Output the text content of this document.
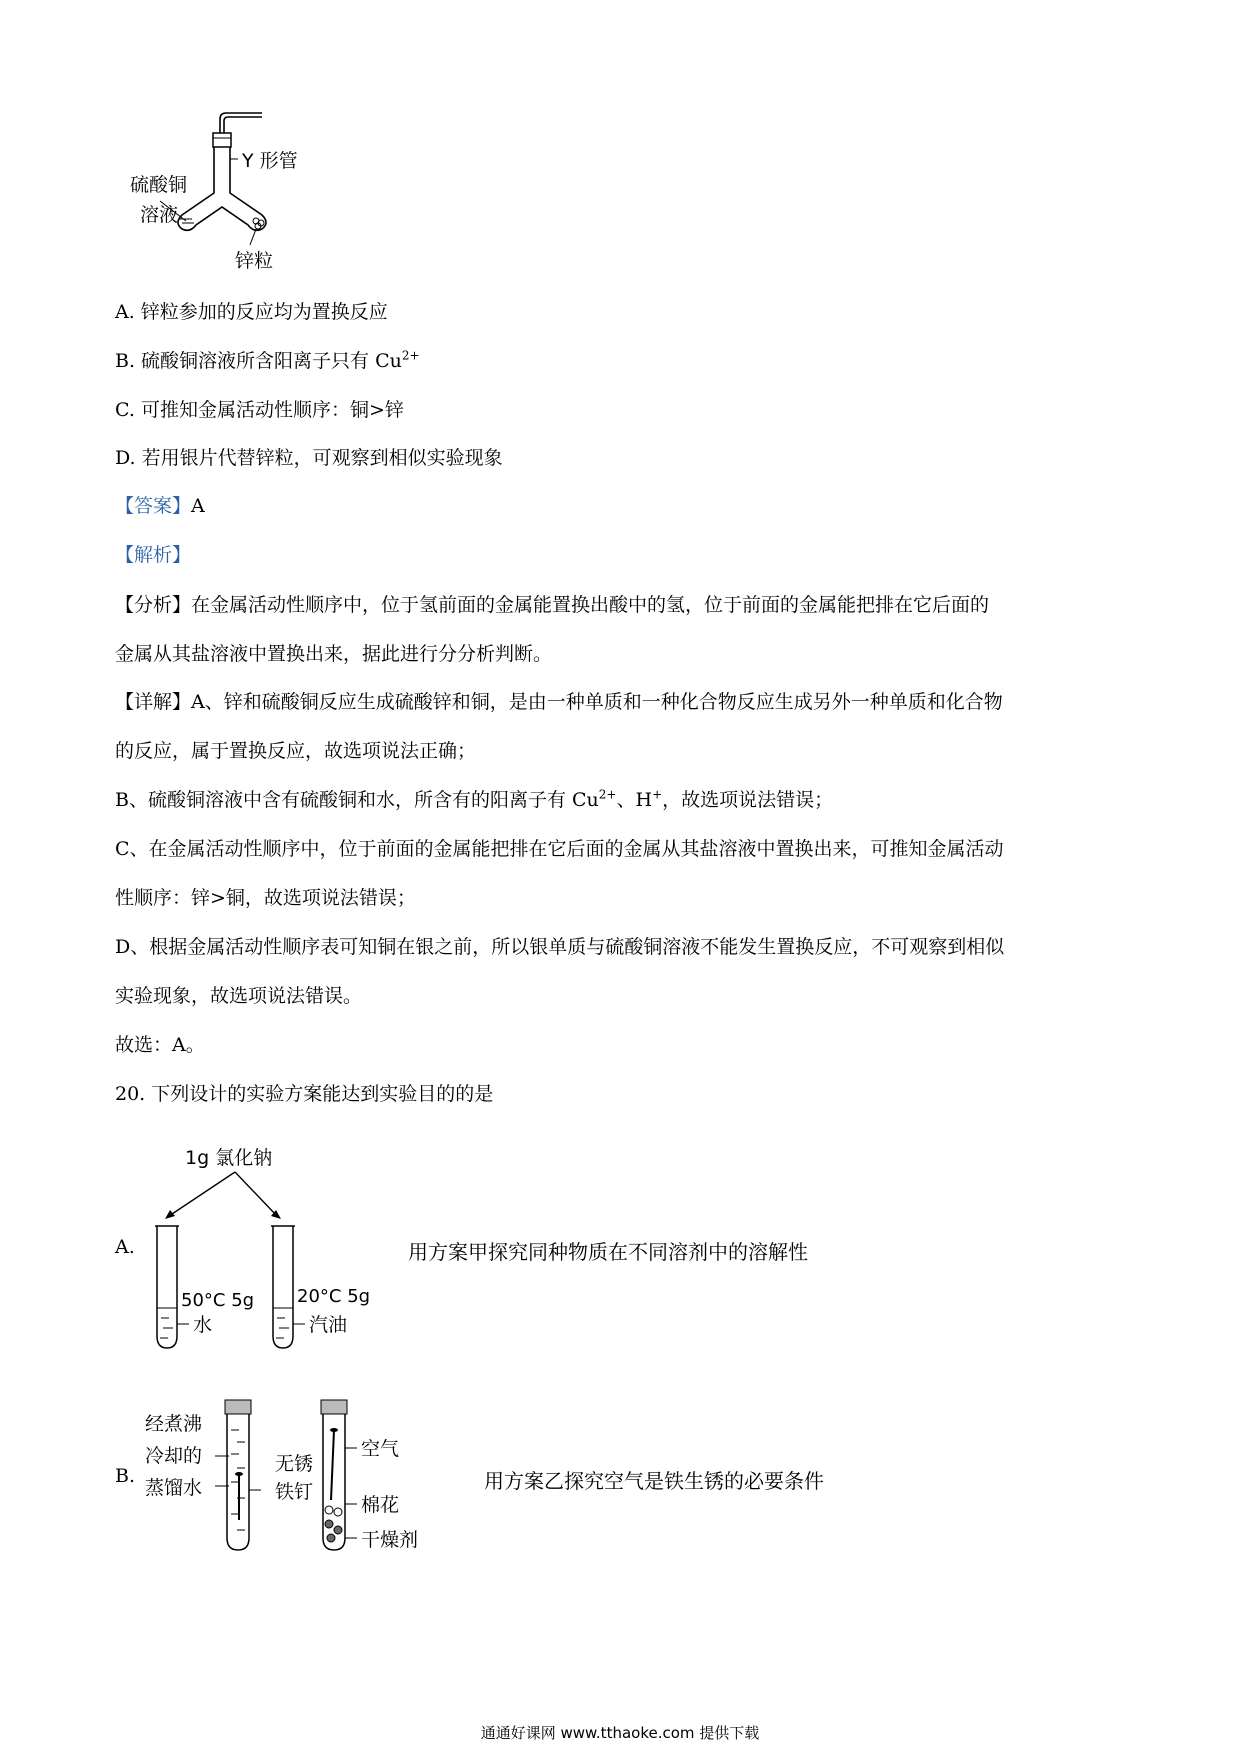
硫酸铜
溶液
Y 形管
锌粒
A. 锌粒参加的反应均为置换反应
B. 硫酸铜溶液所含阳离子只有 $Cu^{2+}$
C. 可推知金属活动性顺序：铜>锌
D. 若用银片代替锌粒，可观察到相似实验现象
【答案】A
【解析】
【分析】在金属活动性顺序中，位于氢前面的金属能置换出酸中的氢，位于前面的金属能把排在它后面的
金属从其盐溶液中置换出来，据此进行分分析判断。
【详解】A、锌和硫酸铜反应生成硫酸锌和铜，是由一种单质和一种化合物反应生成另外一种单质和化合物
的反应，属于置换反应，故选项说法正确；
B、硫酸铜溶液中含有硫酸铜和水，所含有的阳离子有 $Cu^{2+}$、H+，故选项说法错误；
C、在金属活动性顺序中，位于前面的金属能把排在它后面的金属从其盐溶液中置换出来，可推知金属活动
性顺序：锌>铜，故选项说法错误；
D、根据金属活动性顺序表可知铜在银之前，所以银单质与硫酸铜溶液不能发生置换反应，不可观察到相似
实验现象，故选项说法错误。
故选：A。
20. 下列设计的实验方案能达到实验目的的是
A.
1g 氯化钠
50°C 5g
水
20°C 5g
汽油
用方案甲探究同种物质在不同溶剂中的溶解性
B.
经煮沸
冷却的
蒸馏水
无锈
铁钉
空气
棉花
干燥剂
用方案乙探究空气是铁生锈的必要条件
通通好课网 www.tthaoke.com 提供下载
